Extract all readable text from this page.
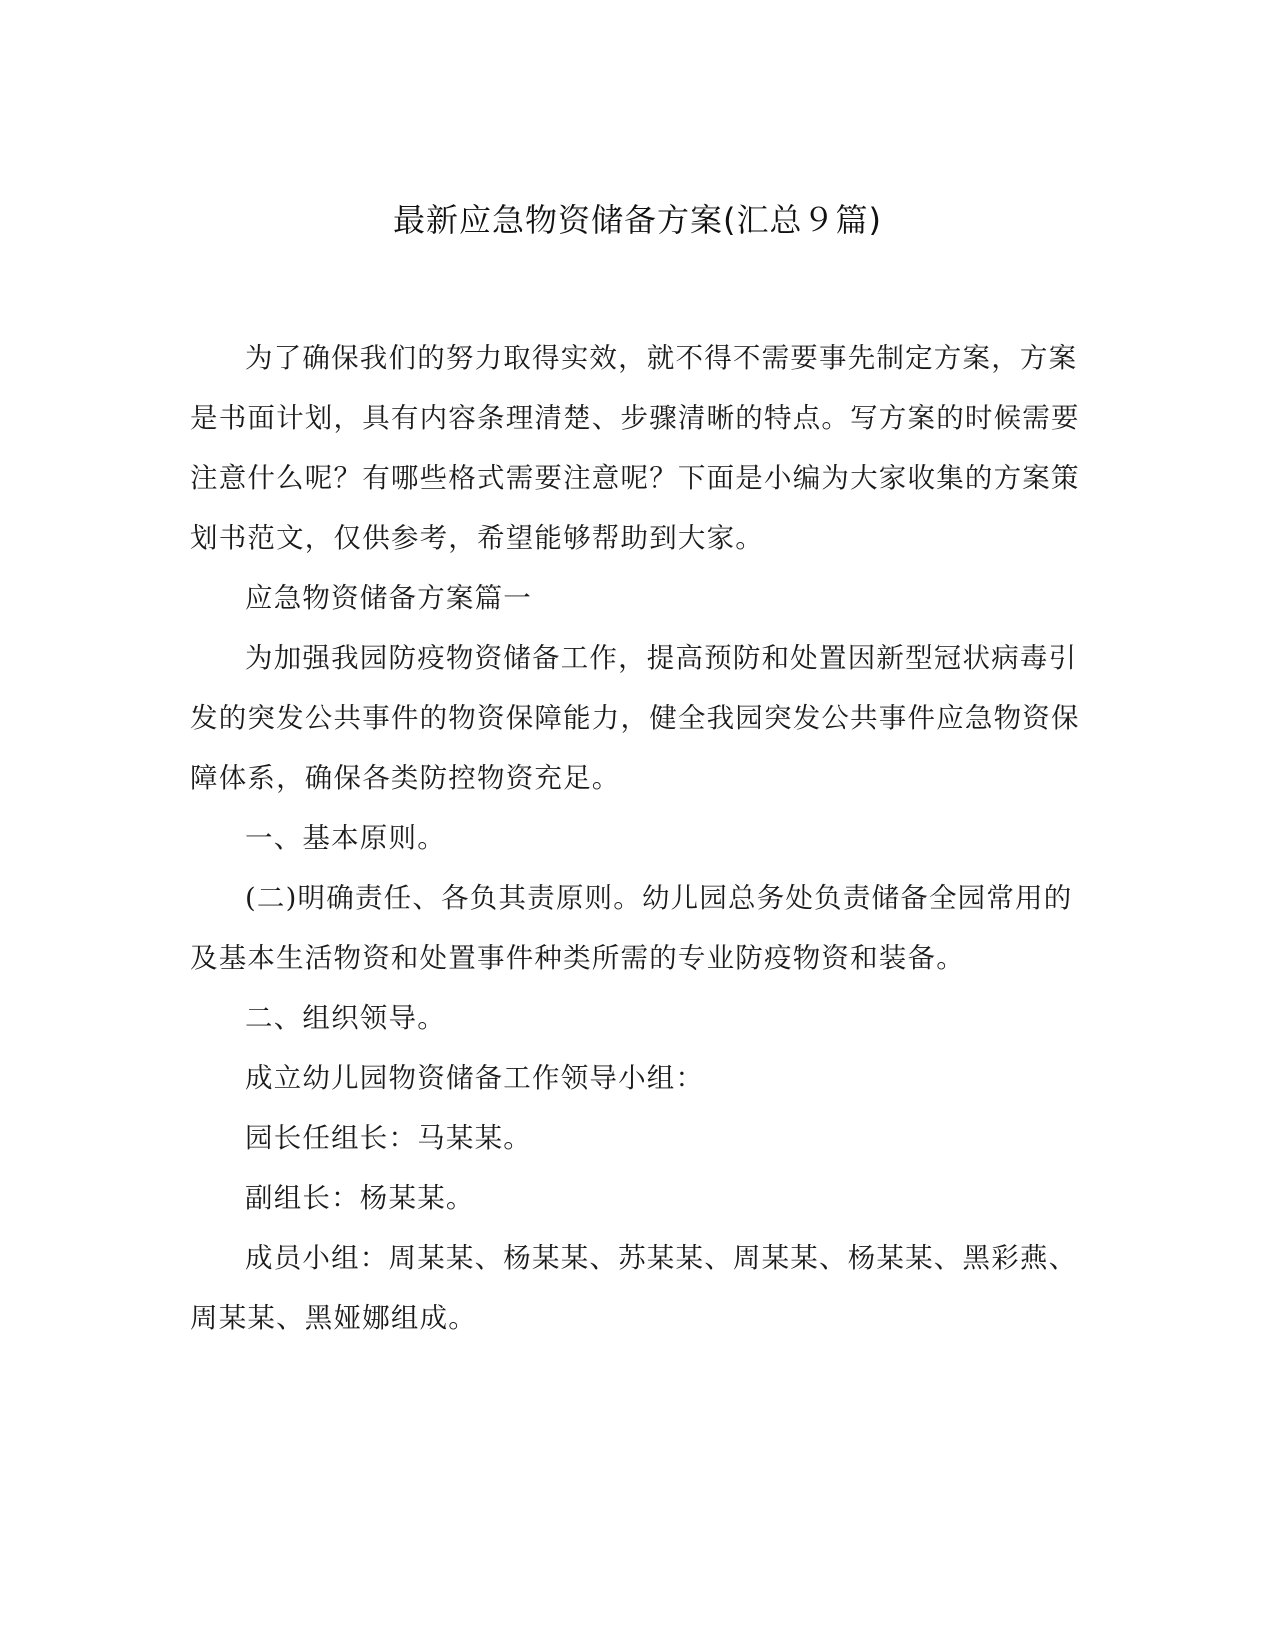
最新应急物资储备方案(汇总９篇)

为了确保我们的努力取得实效，就不得不需要事先制定方案，方案是书面计划，具有内容条理清楚、步骤清晰的特点。写方案的时候需要注意什么呢？有哪些格式需要注意呢？下面是小编为大家收集的方案策划书范文，仅供参考，希望能够帮助到大家。

应急物资储备方案篇一

为加强我园防疫物资储备工作，提高预防和处置因新型冠状病毒引发的突发公共事件的物资保障能力，健全我园突发公共事件应急物资保障体系，确保各类防控物资充足。

一、基本原则。

(二)明确责任、各负其责原则。幼儿园总务处负责储备全园常用的及基本生活物资和处置事件种类所需的专业防疫物资和装备。

二、组织领导。

成立幼儿园物资储备工作领导小组：

园长任组长：马某某。

副组长：杨某某。

成员小组：周某某、杨某某、苏某某、周某某、杨某某、黑彩燕、周某某、黑娅娜组成。
